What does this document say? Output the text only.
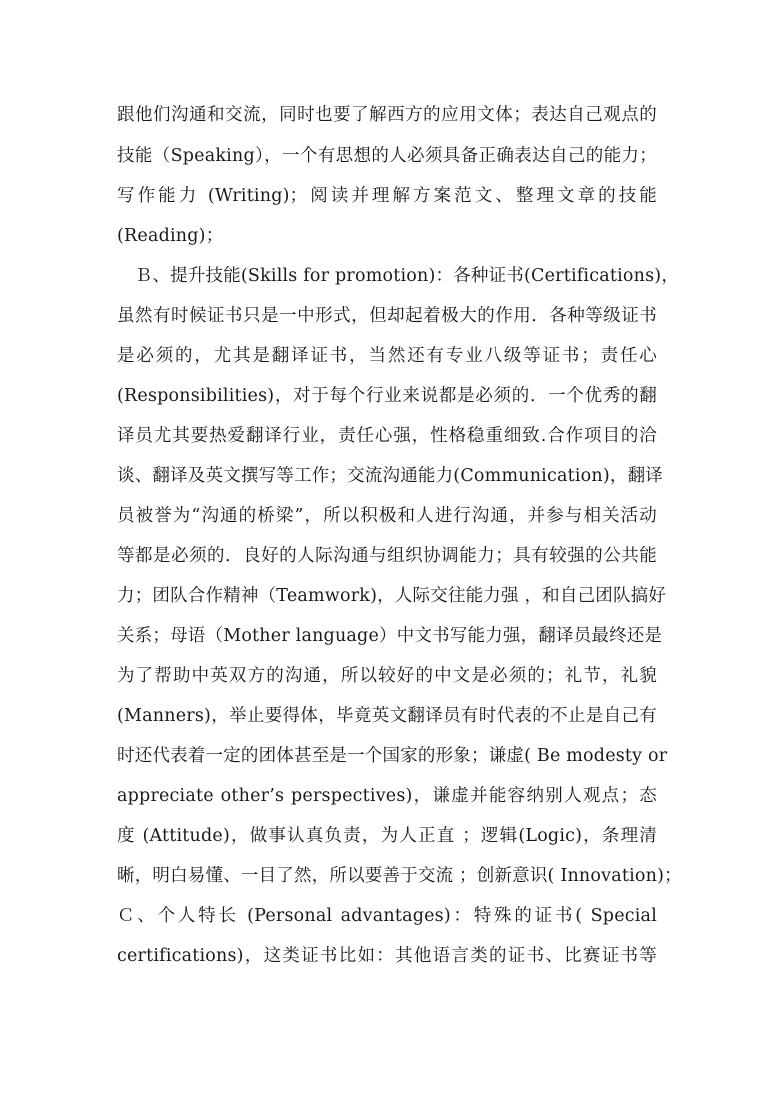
跟他们沟通和交流，同时也要了解西方的应用文体；表达自己观点的
技能（Speaking），一个有思想的人必须具备正确表达自己的能力；
写作能力 (Writing)；阅读并理解方案范文、整理文章的技能
(Reading)；
　Ｂ、提升技能(Skills for promotion)：各种证书(Certifications)，
虽然有时候证书只是一中形式，但却起着极大的作用．各种等级证书
是必须的，尤其是翻译证书，当然还有专业八级等证书；责任心
(Responsibilities)，对于每个行业来说都是必须的．一个优秀的翻
译员尤其要热爱翻译行业，责任心强，性格稳重细致.合作项目的洽
谈、翻译及英文撰写等工作；交流沟通能力(Communication)，翻译
员被誉为“沟通的桥梁”，所以积极和人进行沟通，并参与相关活动
等都是必须的．良好的人际沟通与组织协调能力；具有较强的公共能
力；团队合作精神（Teamwork)，人际交往能力强 ，和自己团队搞好
关系；母语（Mother language）中文书写能力强，翻译员最终还是
为了帮助中英双方的沟通，所以较好的中文是必须的；礼节，礼貌
(Manners)，举止要得体，毕竟英文翻译员有时代表的不止是自己有
时还代表着一定的团体甚至是一个国家的形象；谦虚( Be modesty or
appreciate other’s perspectives)，谦虚并能容纳别人观点；态
度 (Attitude)，做事认真负责，为人正直 ；逻辑(Logic)，条理清
晰，明白易懂、一目了然，所以要善于交流 ；创新意识( Innovation)；
Ｃ、个人特长 (Personal advantages)：特殊的证书( Special
certifications)，这类证书比如：其他语言类的证书、比赛证书等
